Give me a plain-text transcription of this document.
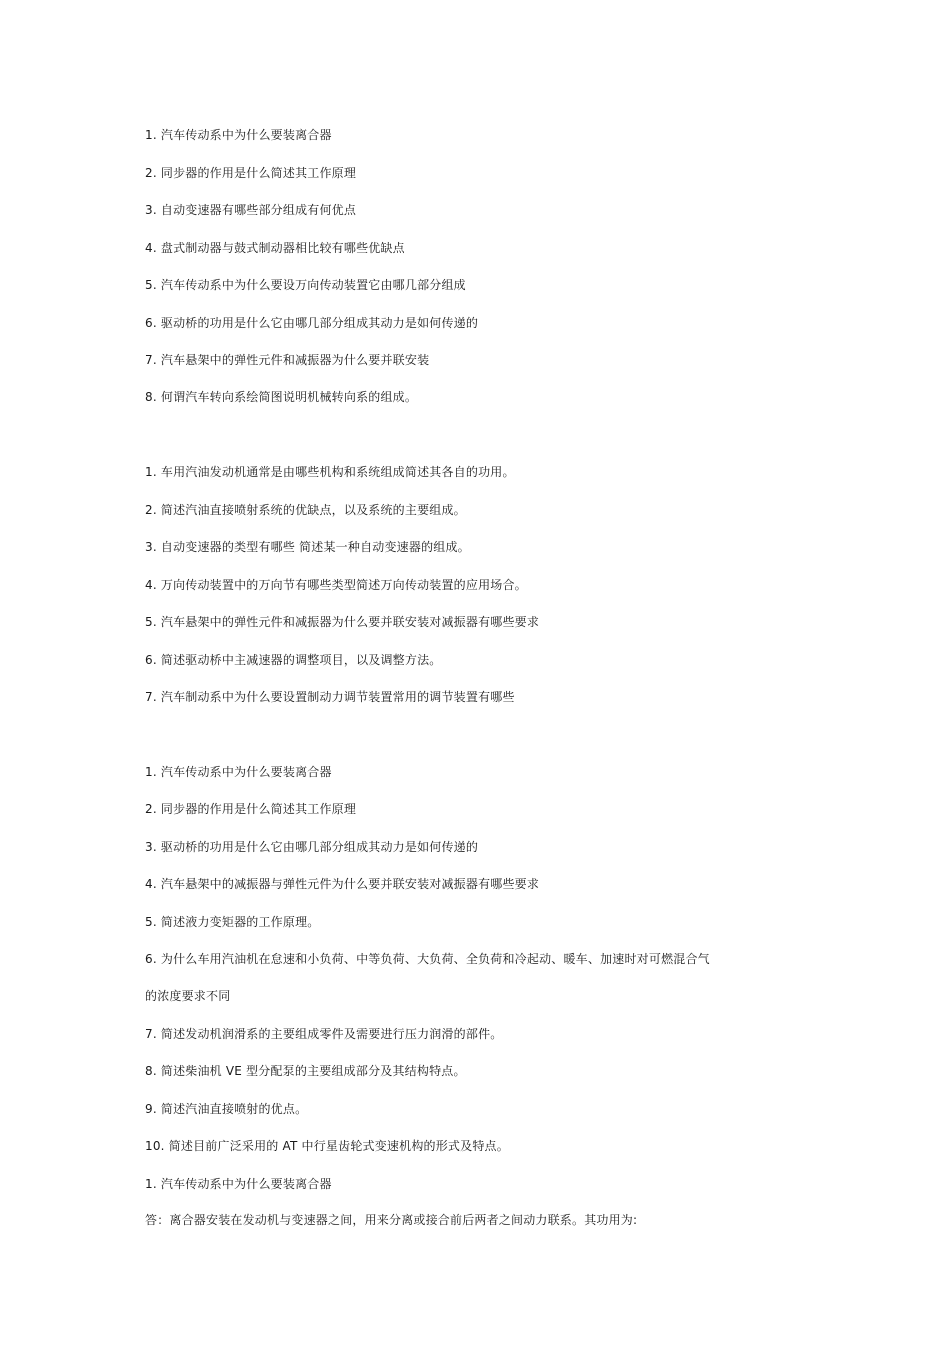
1. 汽车传动系中为什么要装离合器
2. 同步器的作用是什么简述其工作原理
3. 自动变速器有哪些部分组成有何优点
4. 盘式制动器与鼓式制动器相比较有哪些优缺点
5. 汽车传动系中为什么要设万向传动装置它由哪几部分组成
6. 驱动桥的功用是什么它由哪几部分组成其动力是如何传递的
7. 汽车悬架中的弹性元件和减振器为什么要并联安装
8. 何谓汽车转向系绘简图说明机械转向系的组成。
1. 车用汽油发动机通常是由哪些机构和系统组成简述其各自的功用。
2. 简述汽油直接喷射系统的优缺点，以及系统的主要组成。
3. 自动变速器的类型有哪些 简述某一种自动变速器的组成。
4. 万向传动装置中的万向节有哪些类型简述万向传动装置的应用场合。
5. 汽车悬架中的弹性元件和减振器为什么要并联安装对减振器有哪些要求
6. 简述驱动桥中主减速器的调整项目，以及调整方法。
7. 汽车制动系中为什么要设置制动力调节装置常用的调节装置有哪些
1. 汽车传动系中为什么要装离合器
2. 同步器的作用是什么简述其工作原理
3. 驱动桥的功用是什么它由哪几部分组成其动力是如何传递的
4. 汽车悬架中的减振器与弹性元件为什么要并联安装对减振器有哪些要求
5. 简述液力变矩器的工作原理。
6. 为什么车用汽油机在怠速和小负荷、中等负荷、大负荷、全负荷和冷起动、暖车、加速时对可燃混合气
的浓度要求不同
7. 简述发动机润滑系的主要组成零件及需要进行压力润滑的部件。
8. 简述柴油机 VE 型分配泵的主要组成部分及其结构特点。
9. 简述汽油直接喷射的优点。
10. 简述目前广泛采用的 AT 中行星齿轮式变速机构的形式及特点。
1. 汽车传动系中为什么要装离合器
答：离合器安装在发动机与变速器之间，用来分离或接合前后两者之间动力联系。其功用为:
